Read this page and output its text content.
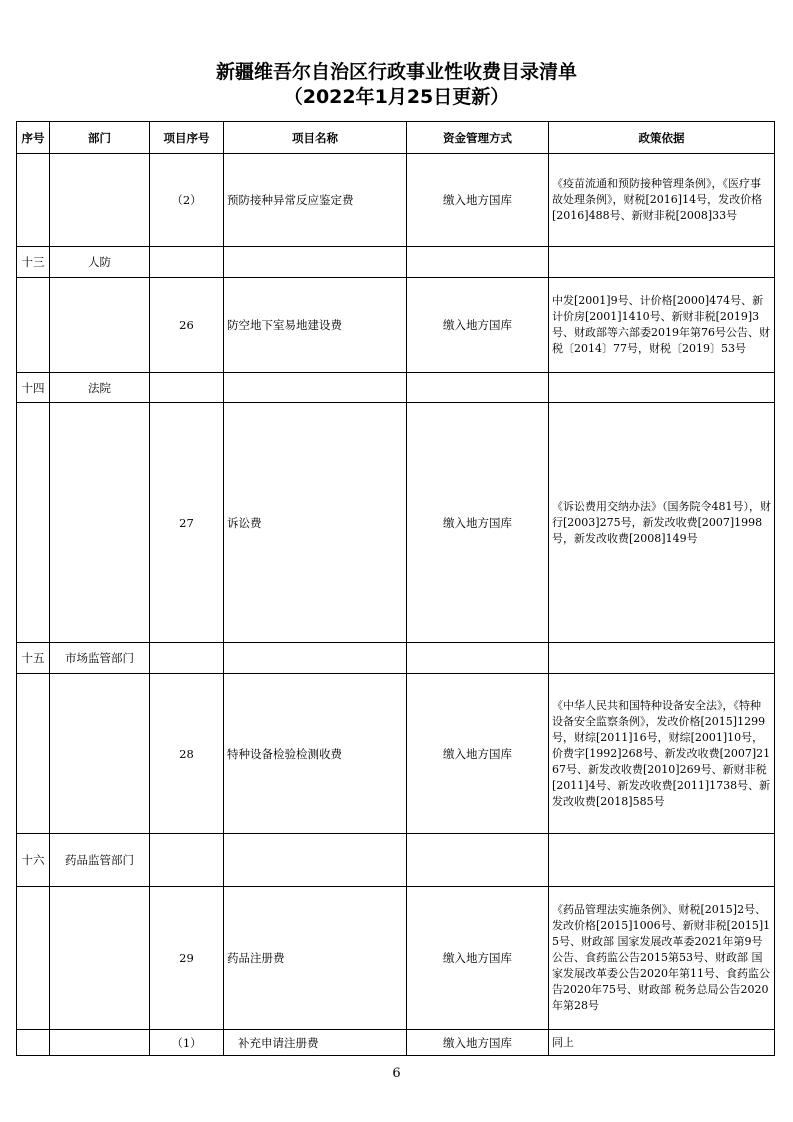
新疆维吾尔自治区行政事业性收费目录清单
（2022年1月25日更新）
序号	部门	项目序号	项目名称	资金管理方式	政策依据
		（2）	预防接种异常反应鉴定费	缴入地方国库	《疫苗流通和预防接种管理条例》，《医疗事故处理条例》，财税[2016]14号，发改价格[2016]488号、新财非税[2008]33号
十三	人防				
		26	防空地下室易地建设费	缴入地方国库	中发[2001]9号、计价格[2000]474号、新计价房[2001]1410号、新财非税[2019]3号、财政部等六部委2019年第76号公告、财税〔2014〕77号，财税〔2019〕53号
十四	法院				
		27	诉讼费	缴入地方国库	《诉讼费用交纳办法》（国务院令481号），财行[2003]275号，新发改收费[2007]1998号，新发改收费[2008]149号
十五	市场监管部门				
		28	特种设备检验检测收费	缴入地方国库	《中华人民共和国特种设备安全法》，《特种设备安全监察条例》，发改价格[2015]1299号，财综[2011]16号，财综[2001]10号，价费字[1992]268号、新发改收费[2007]2167号、新发改收费[2010]269号、新财非税[2011]4号、新发改收费[2011]1738号、新发改收费[2018]585号
十六	药品监管部门				
		29	药品注册费	缴入地方国库	《药品管理法实施条例》、财税[2015]2号、发改价格[2015]1006号、新财非税[2015]15号、财政部 国家发展改革委2021年第9号公告、食药监公告2015第53号、财政部 国家发展改革委公告2020年第11号、食药监公告2020年75号、财政部 税务总局公告2020年第28号
		（1）	补充申请注册费	缴入地方国库	同上
6
